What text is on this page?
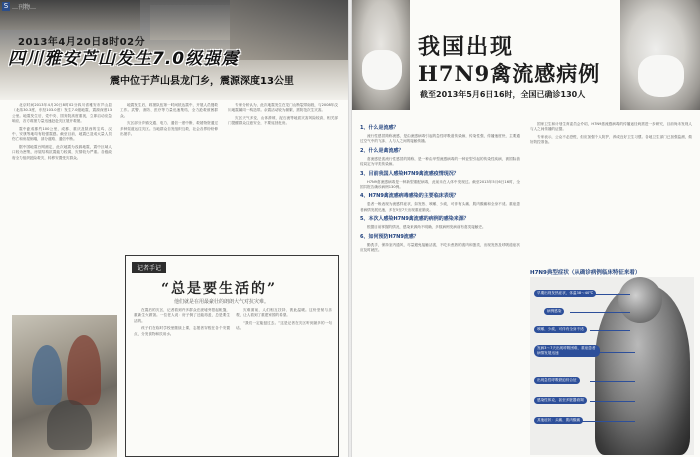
S …刊物…
2013年4月20日8时02分
四川雅安芦山发生7.0级强震
震中位于芦山县龙门乡，震源深度13公里

北京时间2013年4月20日8时02分四川省雅安市芦山县（北纬30.3度，东经103.0度）发生7.0级地震，震源深度13公里。地震发生后，党中央、国务院高度重视，立即启动应急响应，各方救援力量迅速赶赴灾区展开救援。

震中距成都约100公里，成都、重庆及陕西的宝鸡、汉中、安康等地均有较强震感。截至目前，地震已造成大量人员伤亡和房屋倒塌，部分道路、通信中断。

据中国地震台网测定，此次地震为浅源地震，震中区域人口较为密集，房屋结构抗震能力较弱，灾情较为严重。各级政府全力组织抢险救灾，转移安置受灾群众。

地震发生后，救援队伍第一时间抵达震中，开展人员搜救工作。武警、消防、医疗等力量迅速集结，全力抢救被困群众。

灾区部分乡镇交通、电力、通信一度中断，救援物资通过多种渠道运往灾区。当地群众自发组织互救，社会各界纷纷伸出援手。

专家分析认为，此次地震发生在龙门山断裂带南段，与2008年汶川地震属同一构造带。余震活动较为频繁，需防范次生灾害。

灾区天气多变，山体滑坡、泥石流等地质灾害风险较高，相关部门提醒群众注意安全，不要返回危房。

记者手记
“总是要生活的”
他们就是在用最豪壮的朗朗大气对抗灾难。

在震后的灾区，记者看到许多群众在废墟旁搭起帐篷，重新生火做饭。一位老人说：房子倒了还能再盖，总是要生活的。

孩子们在临时学校里继续上课，志愿者穿梭在各个安置点，分发食物和饮用水。

灾难面前，人们相互扶持、彼此温暖。这份坚韧与乐观，让人看到了重建家园的希望。

“我们一定能挺过去。”这是记者在灾区听到最多的一句话。

我国出现
H7N9禽流感病例
截至2013年5月6日16时，全国已确诊130人
1、什么是流感？

流行性感冒简称流感，是由流感病毒引起的急性呼吸道传染病，传染性强，传播速度快，主要通过空气中的飞沫、人与人之间的接触传播。

2、什么是禽流感？

禽流感是禽流行性感冒的简称，是一种由甲型流感病毒的一种亚型引起的传染性疾病，被国际兽疫局定为甲类传染病。

3、目前我国人感染H7N9禽流感疫情现况？

H7N9禽流感病毒是一种新型重配病毒，此前未在人体中发现过。截至2013年5月6日16时，全国共报告确诊病例130例。

4、H7N9禽流感病毒感染的主要临床表现？

患者一般表现为流感样症状，如发热、咳嗽、少痰，可伴有头痛、肌肉酸痛和全身不适。重症患者病情发展迅速，多在5至7天出现重症肺炎。

5、本次人感染H7N9禽流感的病例的感染来源？

根据目前掌握的情况，感染来源尚不明确，多数病例发病前有禽类接触史。

6、如何预防H7N9流感？

勤洗手，保持室内通风，尽量避免接触活禽，不吃未煮熟的禽肉和蛋类，出现发热及呼吸道症状应及时就医。

国家卫生和计划生育委员会介绍，H7N9禽流感病毒的传播途径尚需进一步研究，目前尚未发现人与人之间传播的证据。

专家表示，公众不必恐慌，但应加强个人防护，养成良好卫生习惯。各地卫生部门已加强监测，做好防控准备。

H7N9典型症状（从确诊病例临床特征来看）
早期出现发热症状，体温38～40℃
病例感染
咳嗽、少痰，可伴有全身不适
发病3～7天出现呼吸困难，重症患者病情发展迅速
出现急性呼吸窘迫综合征
感染性休克，甚至多脏器衰竭
其他症状：头痛、肌肉酸痛
